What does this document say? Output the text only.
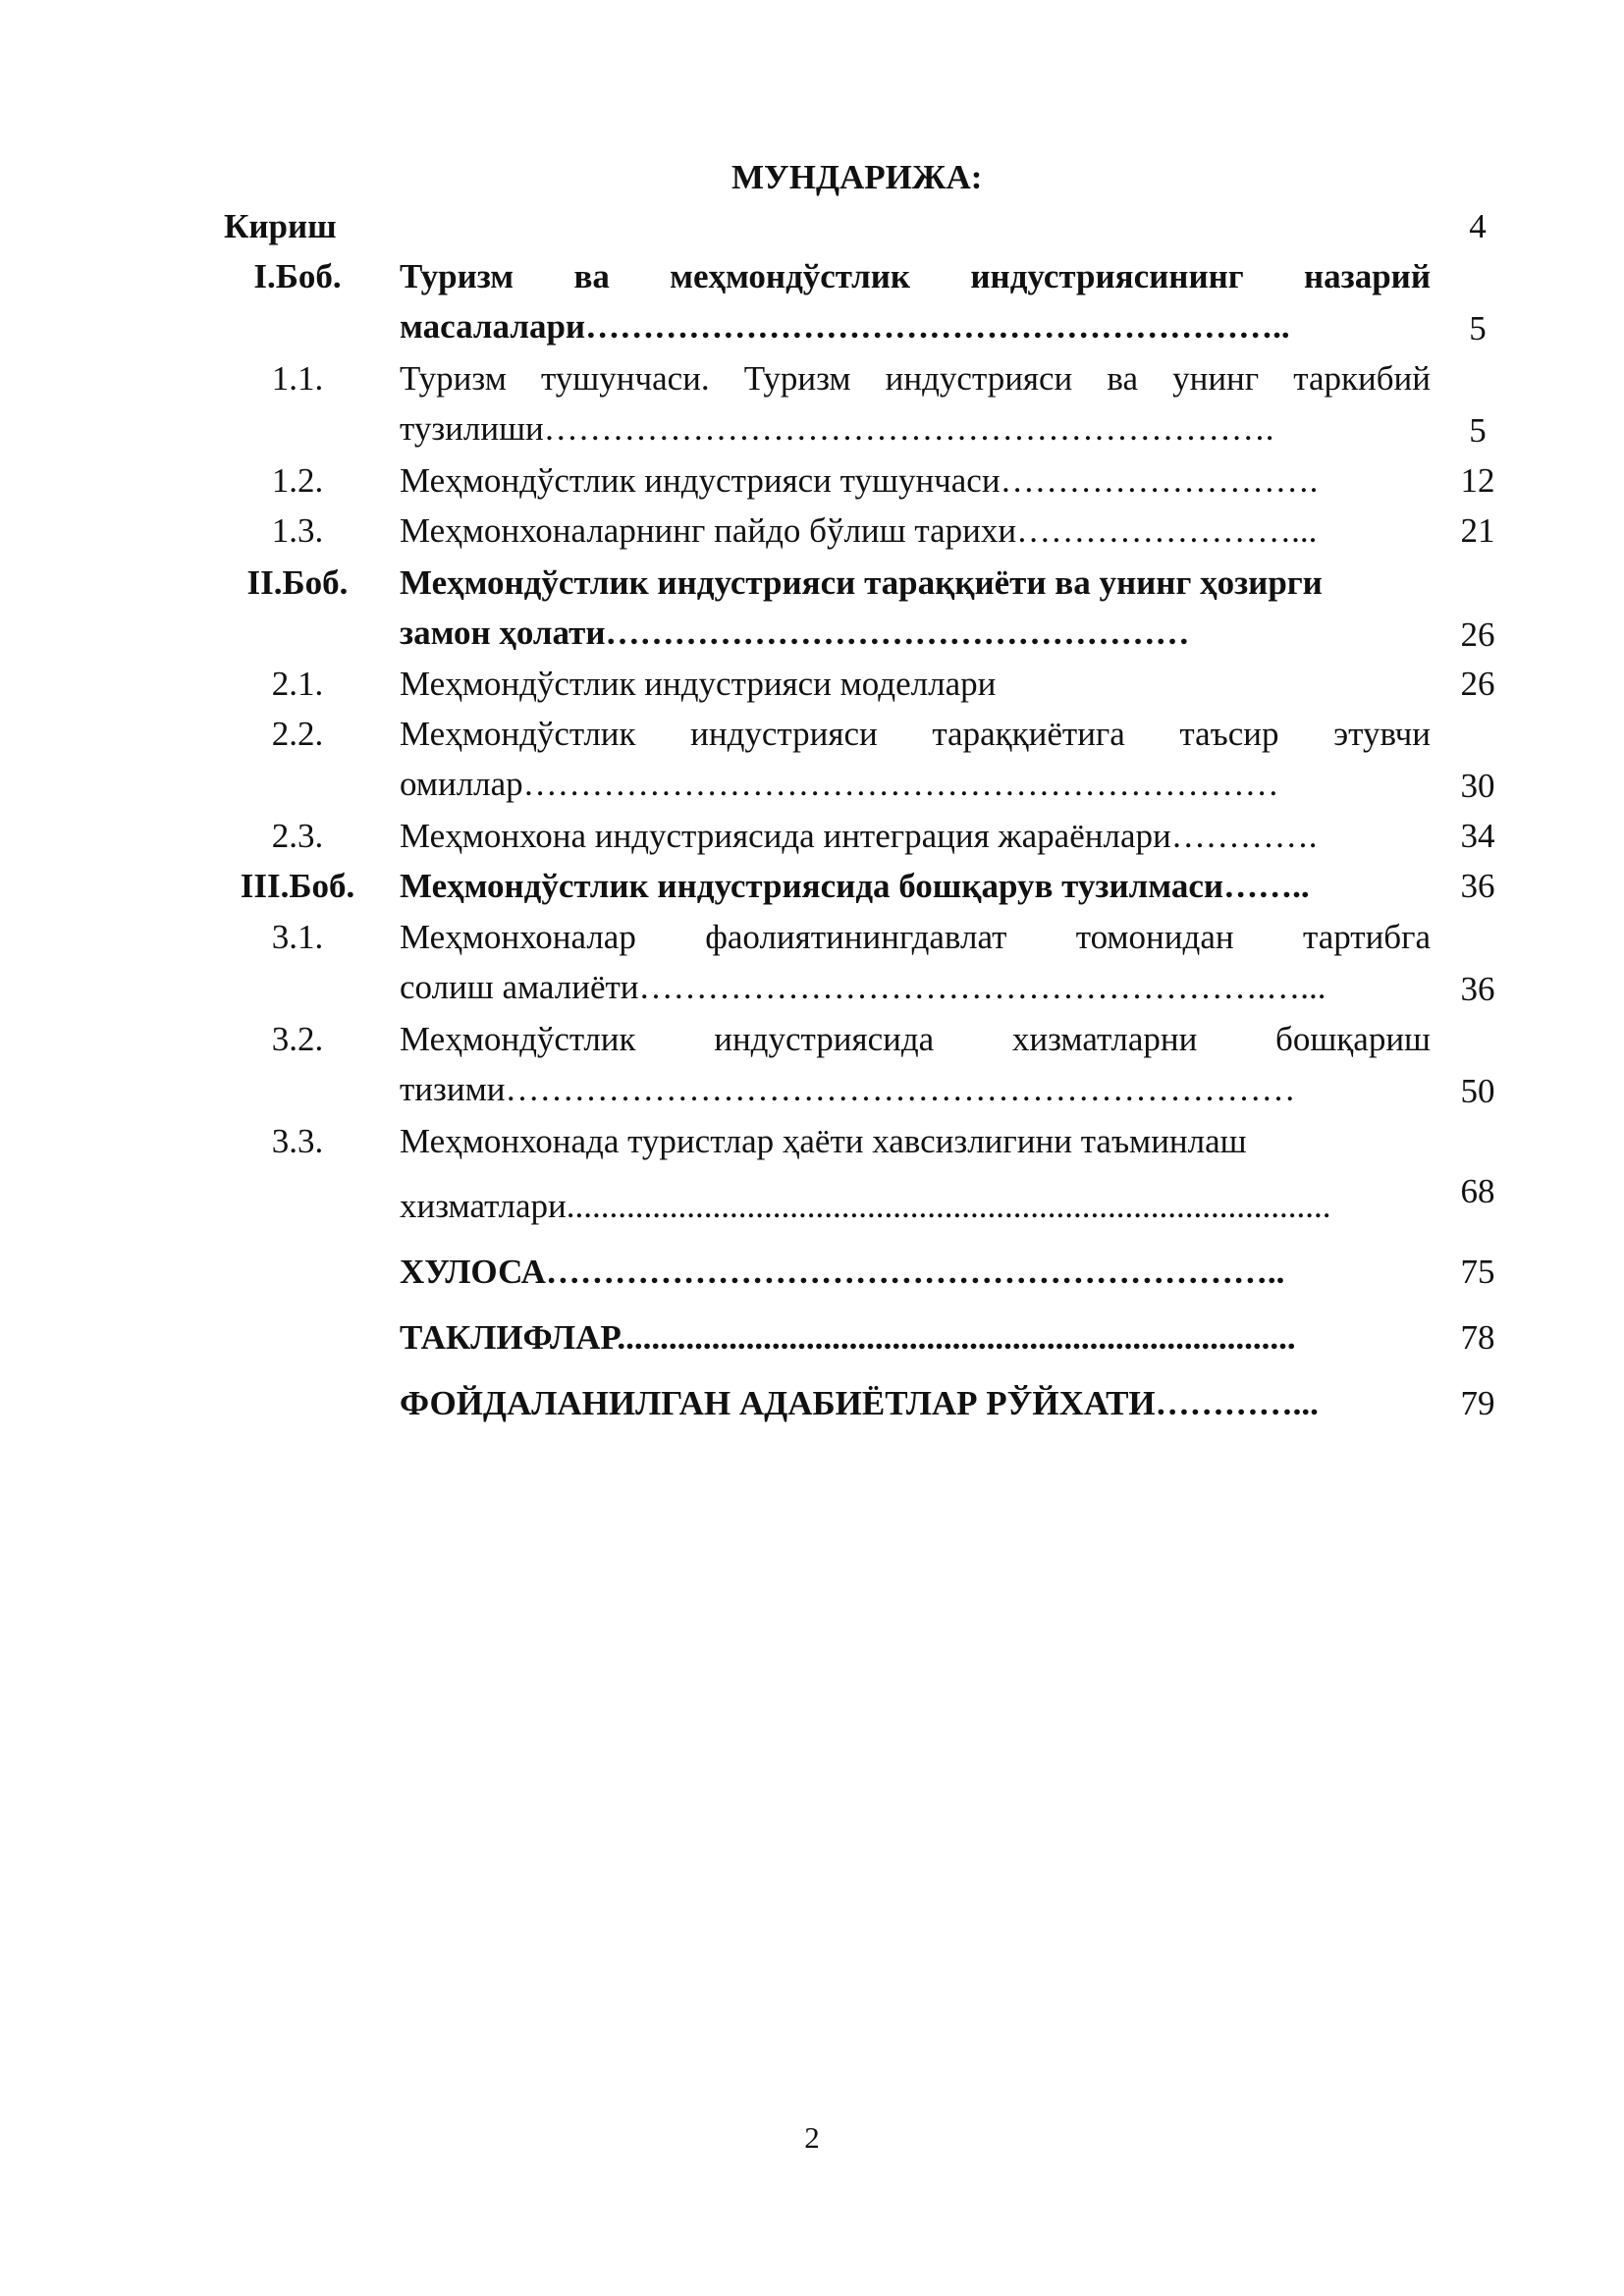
МУНДАРИЖА:
Кириш	4
I.Боб.	Туризм ва меҳмондўстлик индустриясининг назарий
масалалари……………………………………………………..	5
1.1.	Туризм тушунчаси. Туризм индустрияси ва унинг таркибий
тузилиши……………………………………………………….	5
1.2.	Меҳмондўстлик индустрияси тушунчаси……………………….	12
1.3.	Меҳмонхоналарнинг пайдо бўлиш тарихи……………………...	21
II.Боб.	Меҳмондўстлик индустрияси тараққиёти ва унинг ҳозирги
замон ҳолати……………………………………………	26
2.1.	Меҳмондўстлик индустрияси моделлари	26
2.2.	Меҳмондўстлик индустрияси тараққиётига таъсир этувчи
омиллар…………………………………………………………	30
2.3.	Меҳмонхона индустриясида интеграция жараёнлари………….	34
III.Боб.	Меҳмондўстлик индустриясида бошқарув тузилмаси……..	36
3.1.	Меҳмонхоналар фаолиятинингдавлат томонидан тартибга
солиш амалиёти……………………………………………….…...	36
3.2.	Меҳмондўстлик индустриясида хизматларни бошқариш
тизими……………………………………………………………	50
3.3.	Меҳмонхонада туристлар ҳаёти хавсизлигини таъминлаш
хизматлари.........................................................................................	68
ХУЛОСА………………………………………………………..	75
ТАКЛИФЛАР...............................................................................	78
ФОЙДАЛАНИЛГАН АДАБИЁТЛАР РЎЙХАТИ…………...	79
2
